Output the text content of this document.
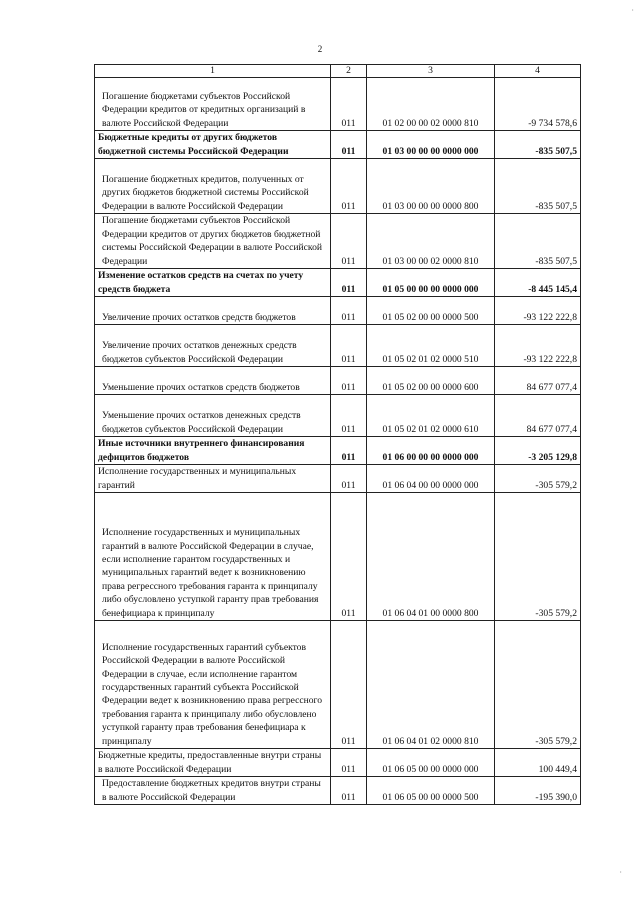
2
1	2	3	4
Погашение бюджетами субъектов Российской Федерации кредитов от кредитных организаций в валюте Российской Федерации	011	01 02 00 00 02 0000 810	-9 734 578,6
Бюджетные кредиты от других бюджетов бюджетной системы Российской Федерации	011	01 03 00 00 00 0000 000	-835 507,5
Погашение бюджетных кредитов, полученных от других бюджетов бюджетной системы Российской Федерации в валюте Российской Федерации	011	01 03 00 00 00 0000 800	-835 507,5
Погашение бюджетами субъектов Российской Федерации кредитов от других бюджетов бюджетной системы Российской Федерации в валюте Российской Федерации	011	01 03 00 00 02 0000 810	-835 507,5
Изменение остатков средств на счетах по учету средств бюджета	011	01 05 00 00 00 0000 000	-8 445 145,4
Увеличение прочих остатков средств бюджетов	011	01 05 02 00 00 0000 500	-93 122 222,8
Увеличение прочих остатков денежных средств бюджетов субъектов Российской Федерации	011	01 05 02 01 02 0000 510	-93 122 222,8
Уменьшение прочих остатков средств бюджетов	011	01 05 02 00 00 0000 600	84 677 077,4
Уменьшение прочих остатков денежных средств бюджетов субъектов Российской Федерации	011	01 05 02 01 02 0000 610	84 677 077,4
Иные источники внутреннего финансирования дефицитов бюджетов	011	01 06 00 00 00 0000 000	-3 205 129,8
Исполнение государственных и муниципальных гарантий	011	01 06 04 00 00 0000 000	-305 579,2
Исполнение государственных и муниципальных гарантий в валюте Российской Федерации в случае, если исполнение гарантом государственных и муниципальных гарантий ведет к возникновению права регрессного требования гаранта к принципалу либо обусловлено уступкой гаранту прав требования бенефициара к принципалу	011	01 06 04 01 00 0000 800	-305 579,2
Исполнение государственных гарантий субъектов Российской Федерации в валюте Российской Федерации в случае, если исполнение гарантом государственных гарантий субъекта Российской Федерации ведет к возникновению права регрессного требования гаранта к принципалу либо обусловлено уступкой гаранту прав требования бенефициара к принципалу	011	01 06 04 01 02 0000 810	-305 579,2
Бюджетные кредиты, предоставленные внутри страны в валюте Российской Федерации	011	01 06 05 00 00 0000 000	100 449,4
Предоставление бюджетных кредитов внутри страны в валюте Российской Федерации	011	01 06 05 00 00 0000 500	-195 390,0
·
·
